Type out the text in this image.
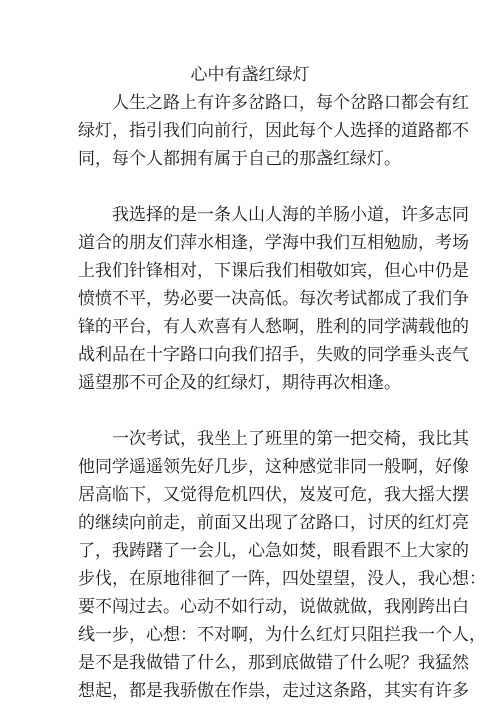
心中有盏红绿灯

人生之路上有许多岔路口，每个岔路口都会有红

绿灯，指引我们向前行，因此每个人选择的道路都不

同，每个人都拥有属于自己的那盏红绿灯。

我选择的是一条人山人海的羊肠小道，许多志同

道合的朋友们萍水相逢，学海中我们互相勉励，考场

上我们针锋相对，下课后我们相敬如宾，但心中仍是

愤愤不平，势必要一决高低。每次考试都成了我们争

锋的平台，有人欢喜有人愁啊，胜利的同学满载他的

战利品在十字路口向我们招手，失败的同学垂头丧气

遥望那不可企及的红绿灯，期待再次相逢。

一次考试，我坐上了班里的第一把交椅，我比其

他同学遥遥领先好几步，这种感觉非同一般啊，好像

居高临下，又觉得危机四伏，岌岌可危，我大摇大摆

的继续向前走，前面又出现了岔路口，讨厌的红灯亮

了，我踌躇了一会儿，心急如焚，眼看跟不上大家的

步伐，在原地徘徊了一阵，四处望望，没人，我心想：

要不闯过去。心动不如行动，说做就做，我刚跨出白

线一步，心想：不对啊，为什么红灯只阻拦我一个人，

是不是我做错了什么，那到底做错了什么呢？我猛然

想起，都是我骄傲在作祟，走过这条路，其实有许多
